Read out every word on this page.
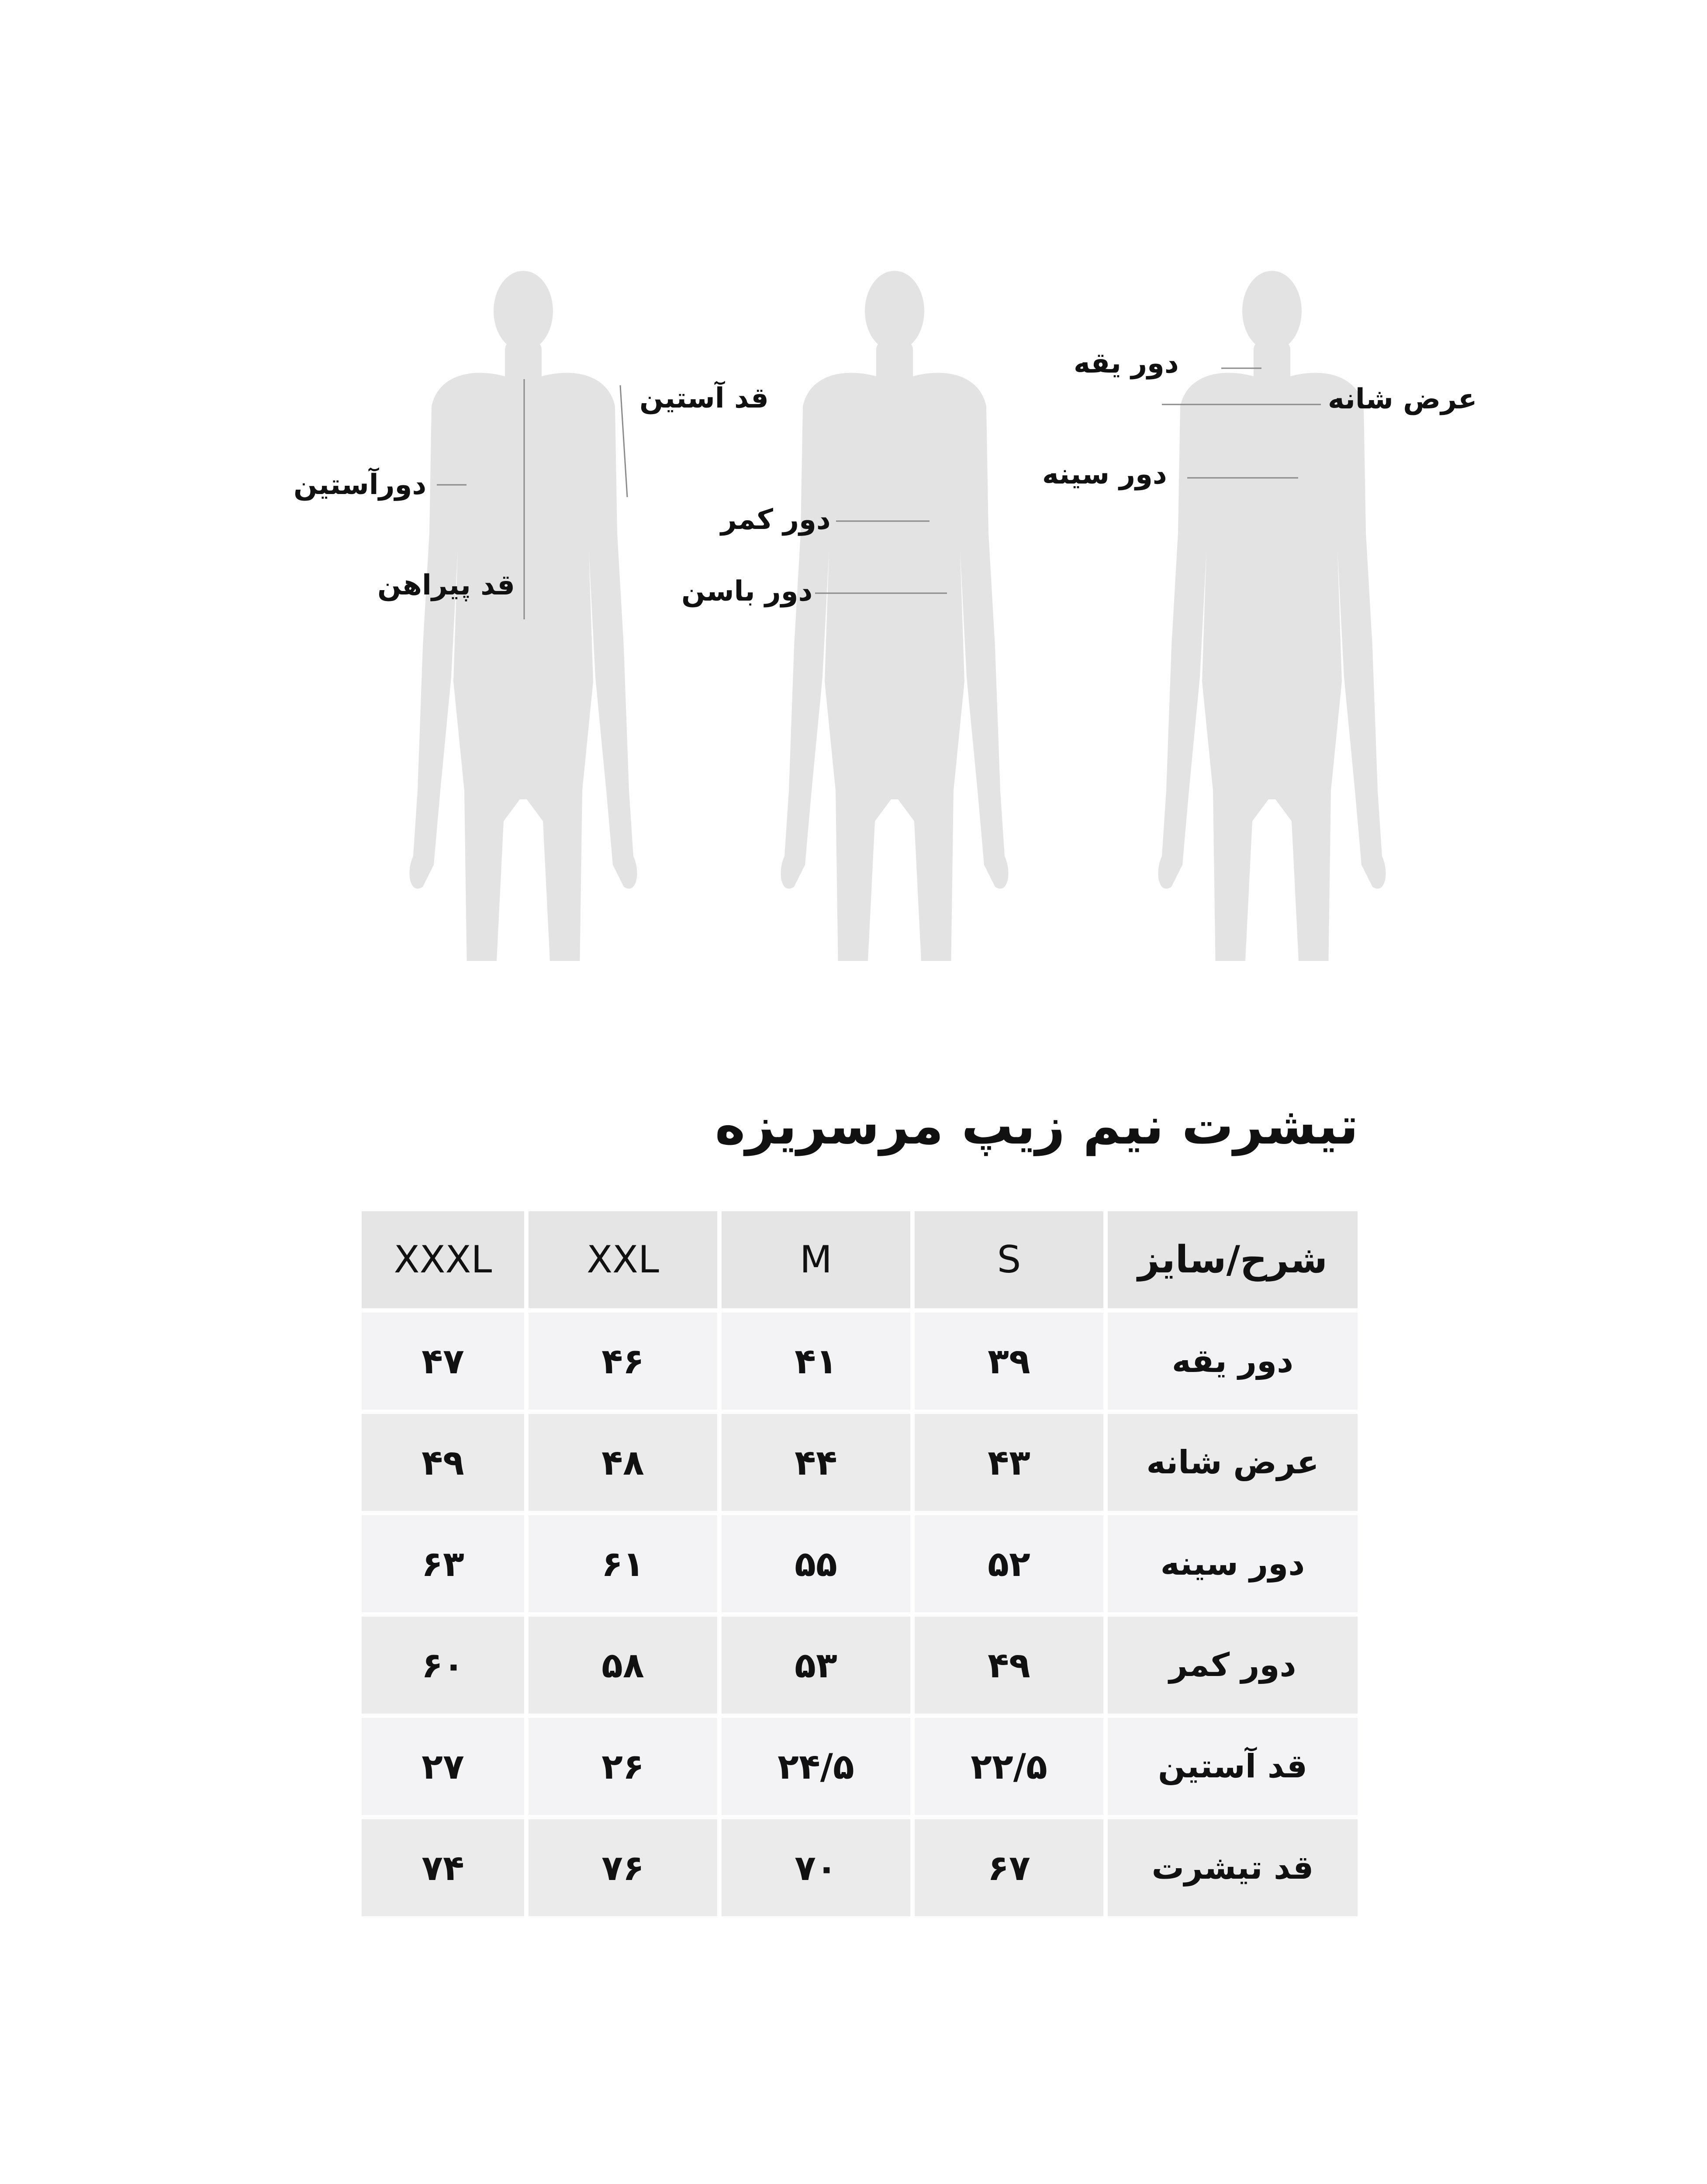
دور یقه
عرض شانه
دور سینه
دور کمر
دور باسن
قد آستین
دورآستین
قد پیراهن
تیشرت نیم زیپ مرسریزه
XXXL	XXL	M	S	شرح/سایز
۴۷	۴۶	۴۱	۳۹	دور یقه
۴۹	۴۸	۴۴	۴۳	عرض شانه
۶۳	۶۱	۵۵	۵۲	دور سینه
۶۰	۵۸	۵۳	۴۹	دور کمر
۲۷	۲۶	۲۴/۵	۲۲/۵	قد آستین
۷۴	۷۶	۷۰	۶۷	قد تیشرت
